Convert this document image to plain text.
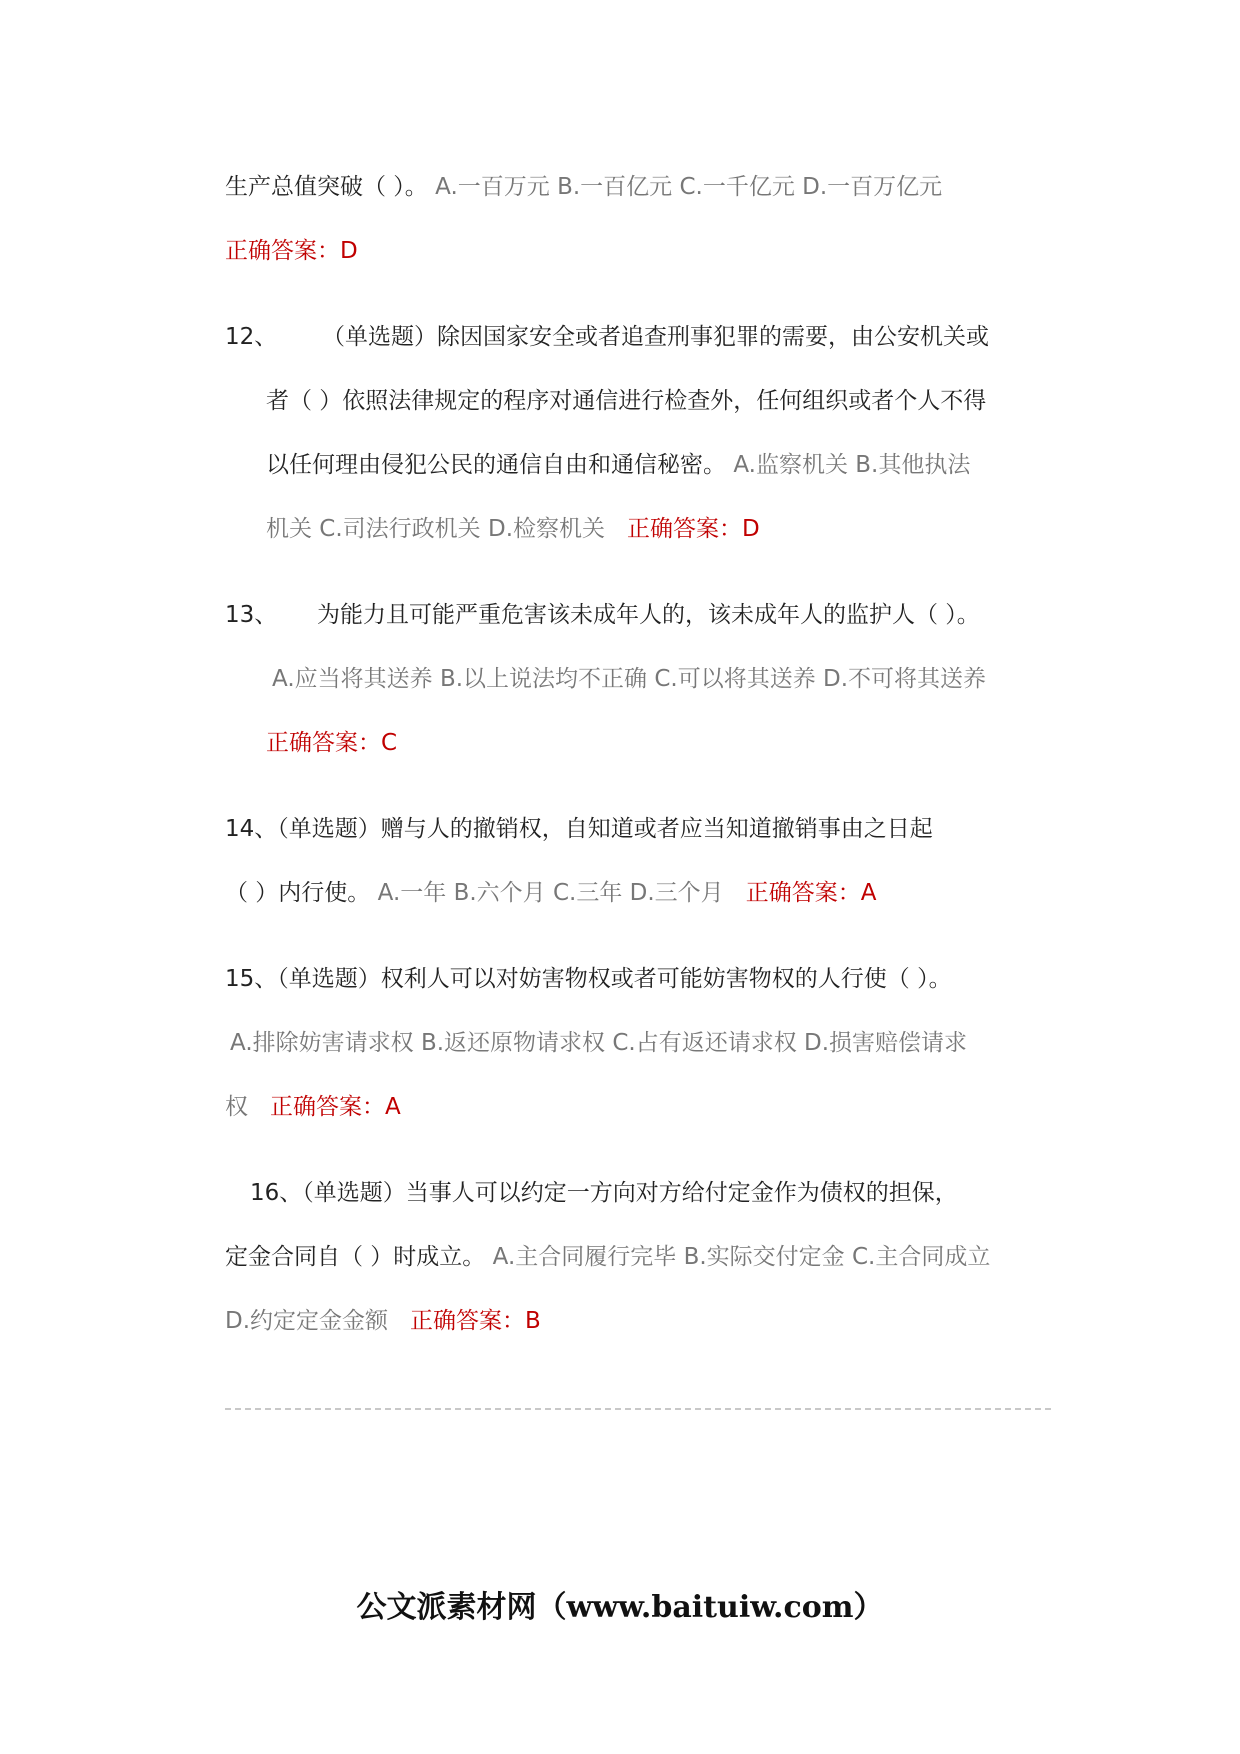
生产总值突破（ ）。 A.一百万元 B.一百亿元 C.一千亿元 D.一百万亿元
正确答案：D
12、 （单选题）除因国家安全或者追查刑事犯罪的需要，由公安机关或
者（ ）依照法律规定的程序对通信进行检查外，任何组织或者个人不得
以任何理由侵犯公民的通信自由和通信秘密。 A.监察机关 B.其他执法
机关 C.司法行政机关 D.检察机关 正确答案：D
13、 为能力且可能严重危害该未成年人的，该未成年人的监护人（ ）。
A.应当将其送养 B.以上说法均不正确 C.可以将其送养 D.不可将其送养
正确答案：C
14、（单选题）赠与人的撤销权，自知道或者应当知道撤销事由之日起
（ ）内行使。 A.一年 B.六个月 C.三年 D.三个月 正确答案：A
15、（单选题）权利人可以对妨害物权或者可能妨害物权的人行使（ ）。
A.排除妨害请求权 B.返还原物请求权 C.占有返还请求权 D.损害赔偿请求
权 正确答案：A
16、（单选题）当事人可以约定一方向对方给付定金作为债权的担保，
定金合同自（ ）时成立。 A.主合同履行完毕 B.实际交付定金 C.主合同成立
D.约定定金金额 正确答案：B
公文派素材网（www.baituiw.com）
